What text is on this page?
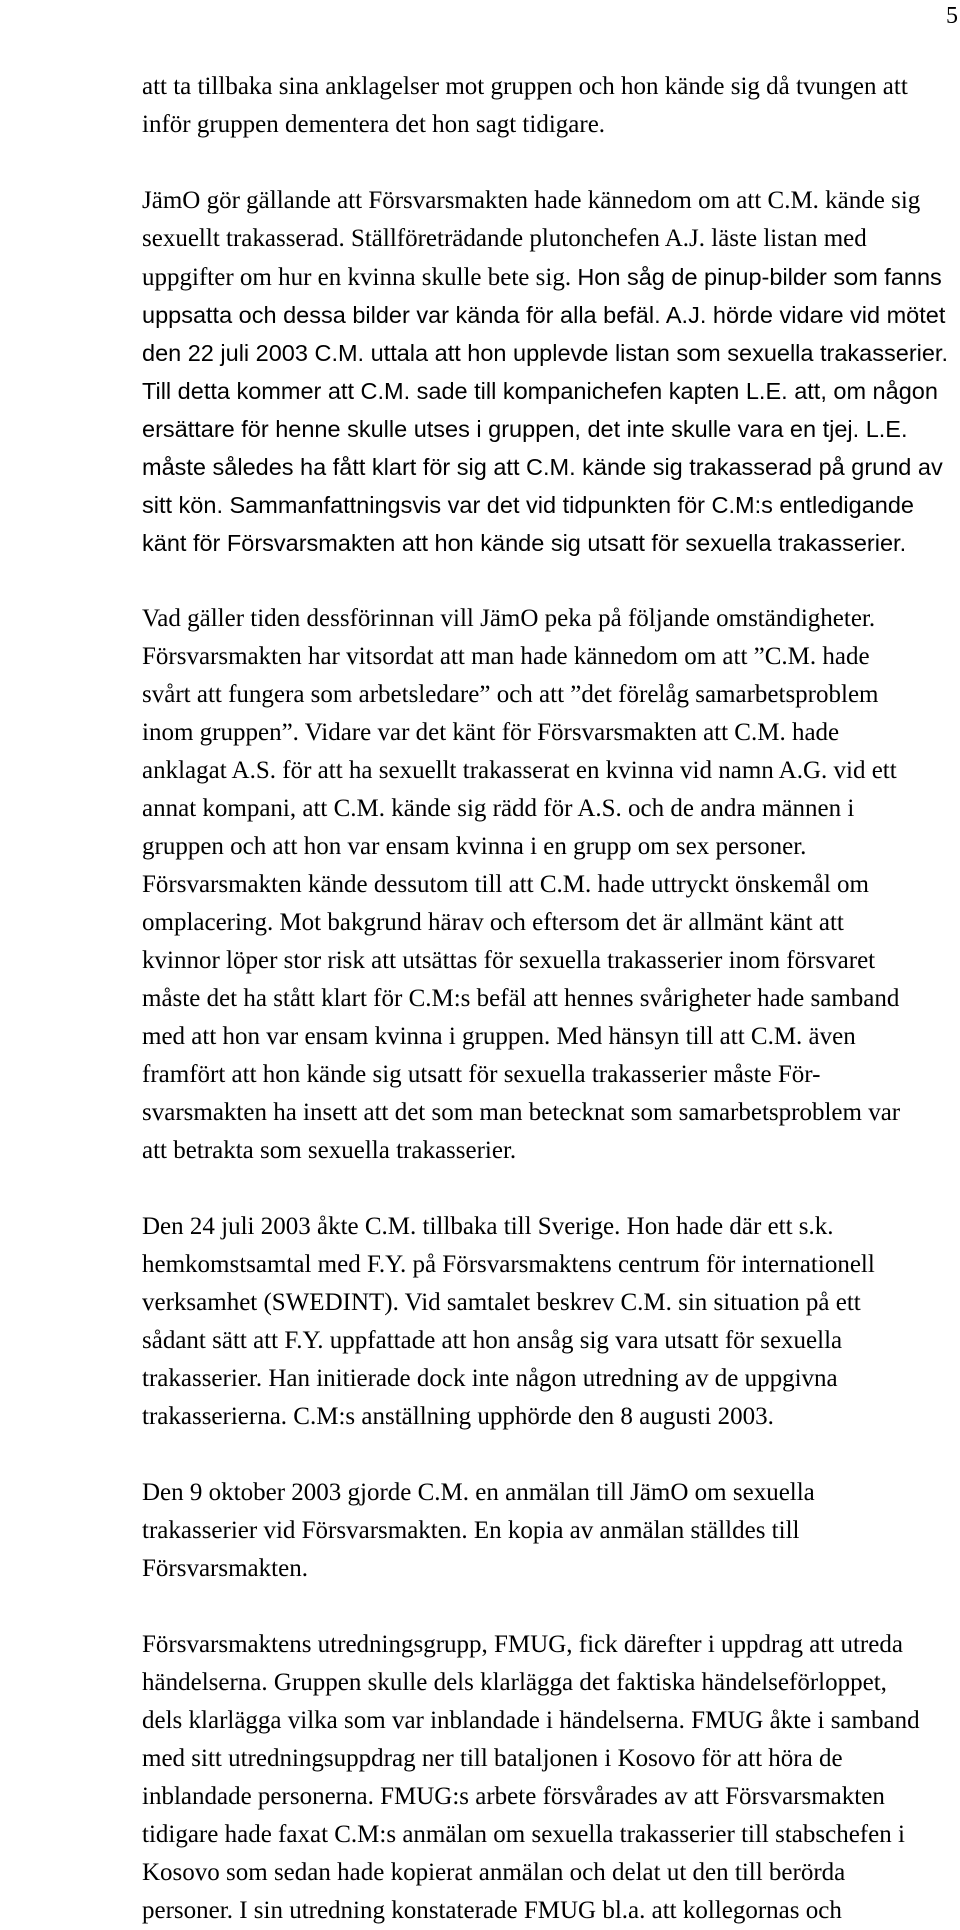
5

att ta tillbaka sina anklagelser mot gruppen och hon kände sig då tvungen att
inför gruppen dementera det hon sagt tidigare.

JämO gör gällande att Försvarsmakten hade kännedom om att C.M. kände sig
sexuellt trakasserad. Ställföreträdande plutonchefen A.J. läste listan med
uppgifter om hur en kvinna skulle bete sig. Hon såg de pinup-bilder som fanns
uppsatta och dessa bilder var kända för alla befäl. A.J. hörde vidare vid mötet
den 22 juli 2003 C.M. uttala att hon upplevde listan som sexuella trakasserier.
Till detta kommer att C.M. sade till kompanichefen kapten L.E. att, om någon
ersättare för henne skulle utses i gruppen, det inte skulle vara en tjej. L.E.
måste således ha fått klart för sig att C.M. kände sig trakasserad på grund av
sitt kön. Sammanfattningsvis var det vid tidpunkten för C.M:s entledigande
känt för Försvarsmakten att hon kände sig utsatt för sexuella trakasserier.

Vad gäller tiden dessförinnan vill JämO peka på följande omständigheter.
Försvarsmakten har vitsordat att man hade kännedom om att ”C.M. hade
svårt att fungera som arbetsledare” och att ”det förelåg samarbetsproblem
inom gruppen”. Vidare var det känt för Försvarsmakten att C.M. hade
anklagat A.S. för att ha sexuellt trakasserat en kvinna vid namn A.G. vid ett
annat kompani, att C.M. kände sig rädd för A.S. och de andra männen i
gruppen och att hon var ensam kvinna i en grupp om sex personer.
Försvarsmakten kände dessutom till att C.M. hade uttryckt önskemål om
omplacering. Mot bakgrund härav och eftersom det är allmänt känt att
kvinnor löper stor risk att utsättas för sexuella trakasserier inom försvaret
måste det ha stått klart för C.M:s befäl att hennes svårigheter hade samband
med att hon var ensam kvinna i gruppen. Med hänsyn till att C.M. även
framfört att hon kände sig utsatt för sexuella trakasserier måste För-
svarsmakten ha insett att det som man betecknat som samarbetsproblem var
att betrakta som sexuella trakasserier.

Den 24 juli 2003 åkte C.M. tillbaka till Sverige. Hon hade där ett s.k.
hemkomstsamtal med F.Y. på Försvarsmaktens centrum för internationell
verksamhet (SWEDINT). Vid samtalet beskrev C.M. sin situation på ett
sådant sätt att F.Y. uppfattade att hon ansåg sig vara utsatt för sexuella
trakasserier. Han initierade dock inte någon utredning av de uppgivna
trakasserierna. C.M:s anställning upphörde den 8 augusti 2003.

Den 9 oktober 2003 gjorde C.M. en anmälan till JämO om sexuella
trakasserier vid Försvarsmakten. En kopia av anmälan ställdes till
Försvarsmakten.

Försvarsmaktens utredningsgrupp, FMUG, fick därefter i uppdrag att utreda
händelserna. Gruppen skulle dels klarlägga det faktiska händelseförloppet,
dels klarlägga vilka som var inblandade i händelserna. FMUG åkte i samband
med sitt utredningsuppdrag ner till bataljonen i Kosovo för att höra de
inblandade personerna. FMUG:s arbete försvårades av att Försvarsmakten
tidigare hade faxat C.M:s anmälan om sexuella trakasserier till stabschefen i
Kosovo som sedan hade kopierat anmälan och delat ut den till berörda
personer. I sin utredning konstaterade FMUG bl.a. att kollegornas och
